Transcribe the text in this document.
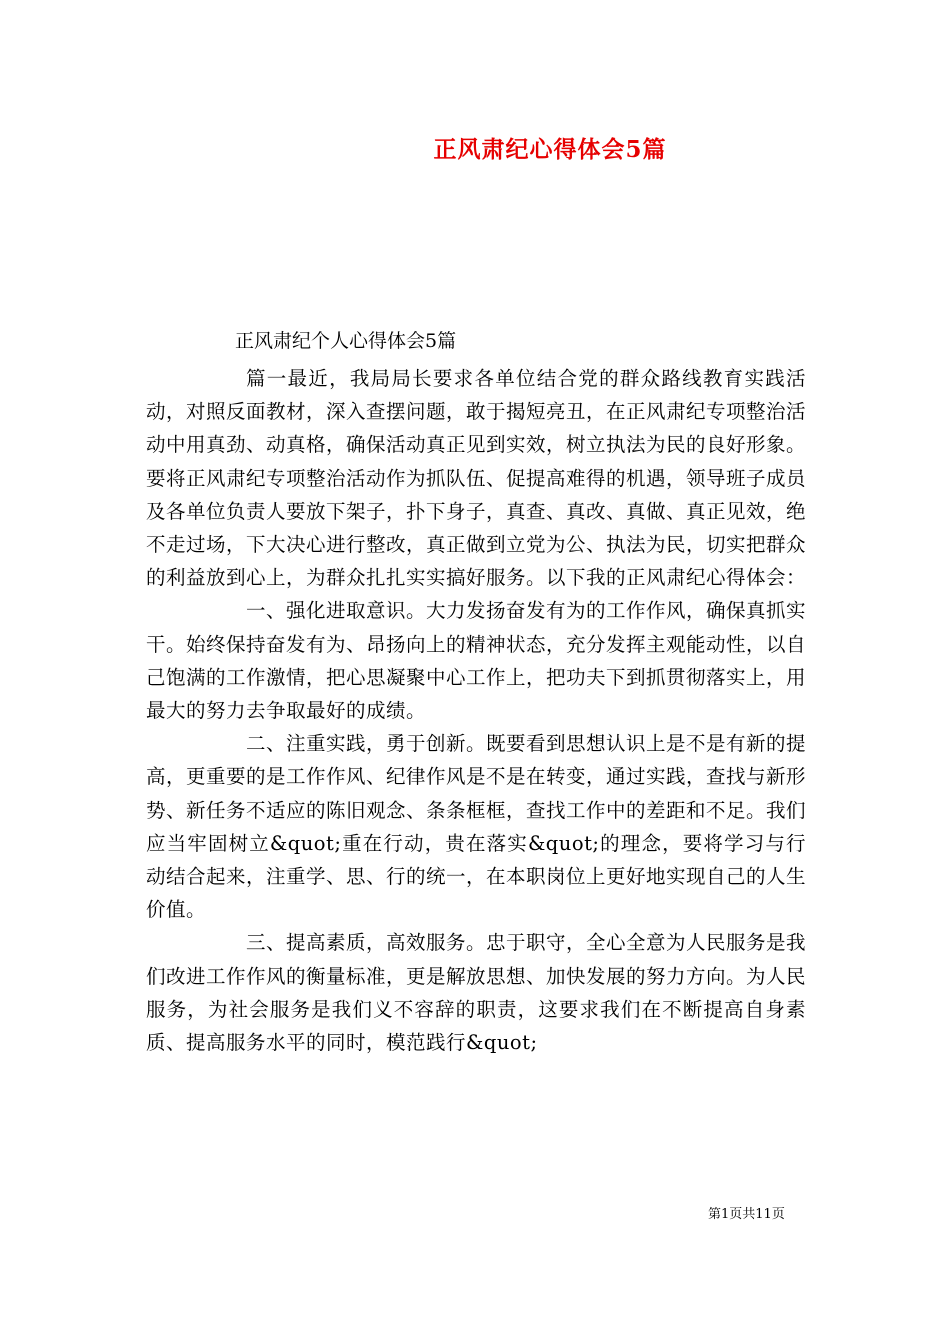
正风肃纪心得体会5篇
正风肃纪个人心得体会5篇

篇一最近，我局局长要求各单位结合党的群众路线教育实践活动，对照反面教材，深入查摆问题，敢于揭短亮丑，在正风肃纪专项整治活动中用真劲、动真格，确保活动真正见到实效，树立执法为民的良好形象。要将正风肃纪专项整治活动作为抓队伍、促提高难得的机遇，领导班子成员及各单位负责人要放下架子，扑下身子，真查、真改、真做、真正见效，绝不走过场，下大决心进行整改，真正做到立党为公、执法为民，切实把群众的利益放到心上，为群众扎扎实实搞好服务。以下我的正风肃纪心得体会：

一、强化进取意识。大力发扬奋发有为的工作作风，确保真抓实干。始终保持奋发有为、昂扬向上的精神状态，充分发挥主观能动性，以自己饱满的工作激情，把心思凝聚中心工作上，把功夫下到抓贯彻落实上，用最大的努力去争取最好的成绩。

二、注重实践，勇于创新。既要看到思想认识上是不是有新的提高，更重要的是工作作风、纪律作风是不是在转变，通过实践，查找与新形势、新任务不适应的陈旧观念、条条框框，查找工作中的差距和不足。我们应当牢固树立&quot;重在行动，贵在落实&quot;的理念，要将学习与行动结合起来，注重学、思、行的统一，在本职岗位上更好地实现自己的人生价值。

三、提高素质，高效服务。忠于职守，全心全意为人民服务是我们改进工作作风的衡量标准，更是解放思想、加快发展的努力方向。为人民服务，为社会服务是我们义不容辞的职责，这要求我们在不断提高自身素质、提高服务水平的同时，模范践行&quot;

第1页共11页
